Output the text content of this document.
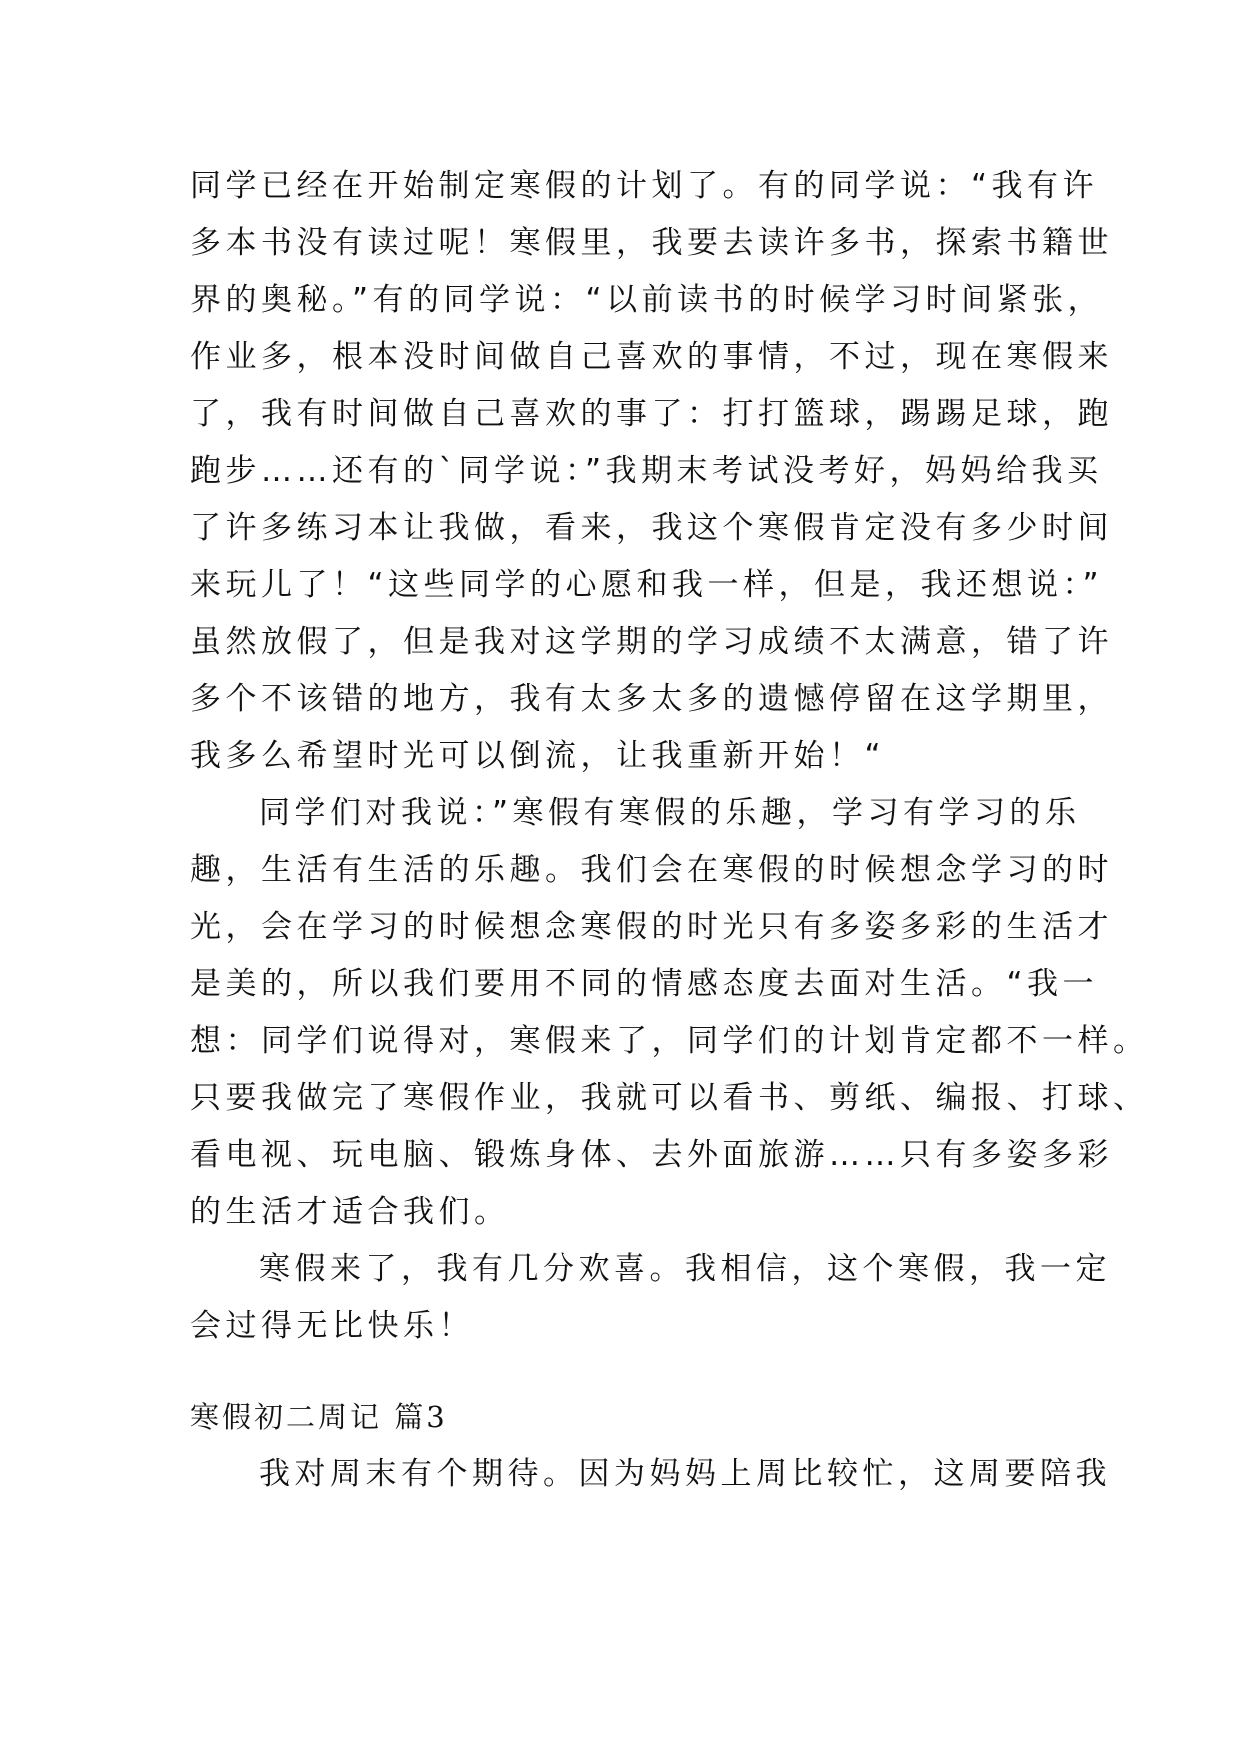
同学已经在开始制定寒假的计划了。有的同学说：“我有许
多本书没有读过呢！寒假里，我要去读许多书，探索书籍世
界的奥秘。”有的同学说：“以前读书的时候学习时间紧张，
作业多，根本没时间做自己喜欢的事情，不过，现在寒假来
了，我有时间做自己喜欢的事了：打打篮球，踢踢足球，跑
跑步……还有的`同学说：”我期末考试没考好，妈妈给我买
了许多练习本让我做，看来，我这个寒假肯定没有多少时间
来玩儿了！“这些同学的心愿和我一样，但是，我还想说：”
虽然放假了，但是我对这学期的学习成绩不太满意，错了许
多个不该错的地方，我有太多太多的遗憾停留在这学期里，
我多么希望时光可以倒流，让我重新开始！“
同学们对我说：”寒假有寒假的乐趣，学习有学习的乐
趣，生活有生活的乐趣。我们会在寒假的时候想念学习的时
光，会在学习的时候想念寒假的时光只有多姿多彩的生活才
是美的，所以我们要用不同的情感态度去面对生活。“我一
想：同学们说得对，寒假来了，同学们的计划肯定都不一样。
只要我做完了寒假作业，我就可以看书、剪纸、编报、打球、
看电视、玩电脑、锻炼身体、去外面旅游……只有多姿多彩
的生活才适合我们。
寒假来了，我有几分欢喜。我相信，这个寒假，我一定
会过得无比快乐！
寒假初二周记 篇3
我对周末有个期待。因为妈妈上周比较忙，这周要陪我
